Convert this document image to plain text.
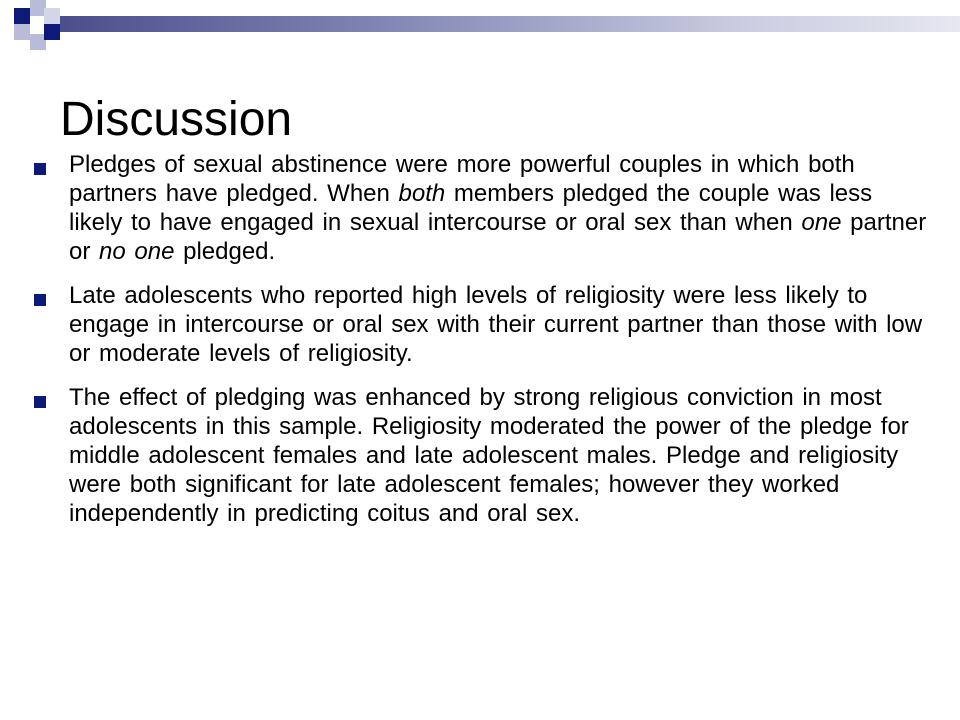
Discussion
Pledges of sexual abstinence were more powerful couples in which both partners have pledged. When both members pledged the couple was less likely to have engaged in sexual intercourse or oral sex than when one partner or no one pledged.
Late adolescents who reported high levels of religiosity were less likely to engage in intercourse or oral sex with their current partner than those with low or moderate levels of religiosity.
The effect of pledging was enhanced by strong religious conviction in most adolescents in this sample. Religiosity moderated the power of the pledge for middle adolescent females and late adolescent males. Pledge and religiosity were both significant for late adolescent females; however they worked independently in predicting coitus and oral sex.
